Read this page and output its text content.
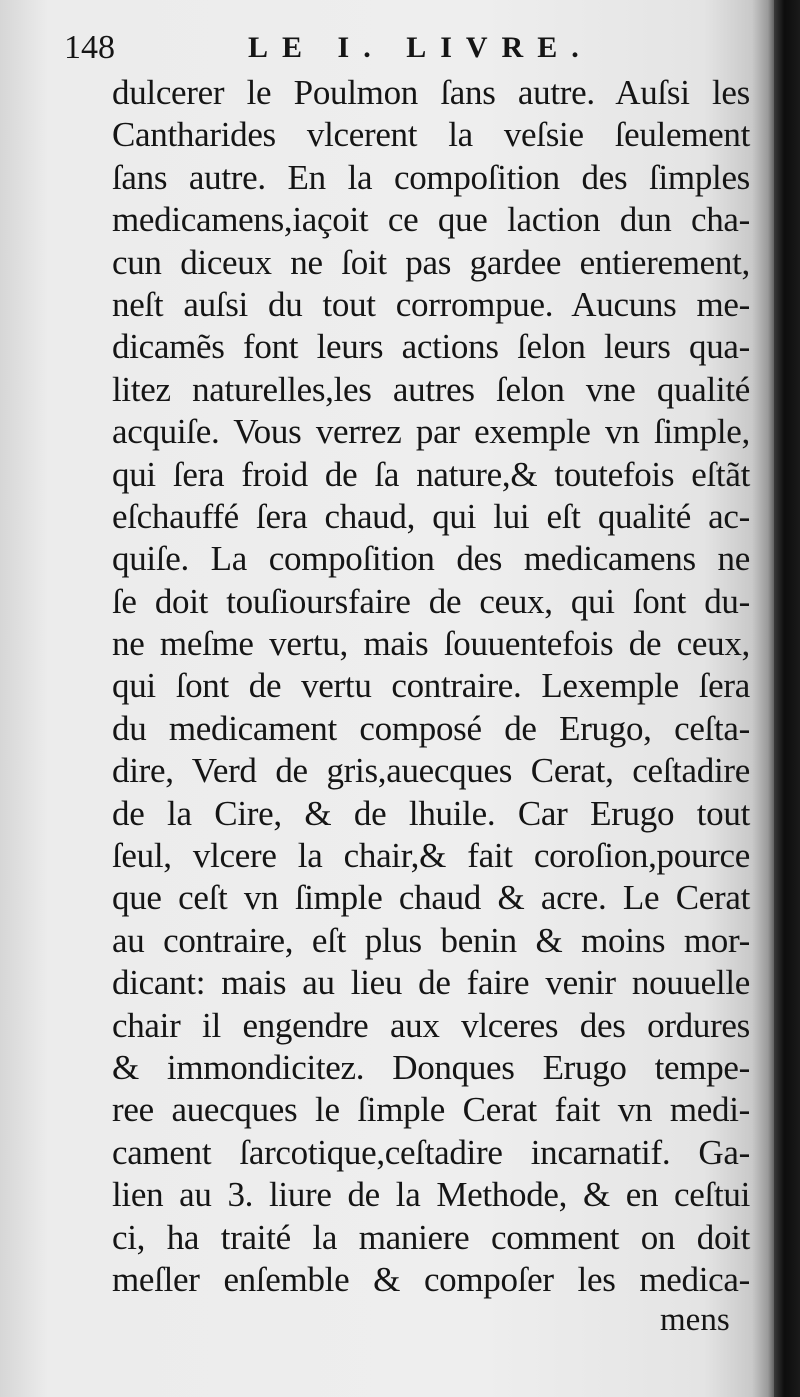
148	LE I. LIVRE.
dulcerer le Poulmon ſans autre. Auſsi les
Cantharides vlcerent la veſsie ſeulement
ſans autre. En la compoſition des ſimples
medicamens,iaçoit ce que laction dun cha-
cun diceux ne ſoit pas gardee entierement,
neſt auſsi du tout corrompue. Aucuns me-
dicamẽs font leurs actions ſelon leurs qua-
litez naturelles,les autres ſelon vne qualité
acquiſe. Vous verrez par exemple vn ſimple,
qui ſera froid de ſa nature,& toutefois eſtãt
eſchauffé ſera chaud, qui lui eſt qualité ac-
quiſe. La compoſition des medicamens ne
ſe doit touſioursfaire de ceux, qui ſont du-
ne meſme vertu, mais ſouuentefois de ceux,
qui ſont de vertu contraire. Lexemple ſera
du medicament composé de Erugo, ceſta-
dire, Verd de gris,auecques Cerat, ceſtadire
de la Cire, & de lhuile. Car Erugo tout
ſeul, vlcere la chair,& fait coroſion,pource
que ceſt vn ſimple chaud & acre. Le Cerat
au contraire, eſt plus benin & moins mor-
dicant: mais au lieu de faire venir nouuelle
chair il engendre aux vlceres des ordures
& immondicitez. Donques Erugo tempe-
ree auecques le ſimple Cerat fait vn medi-
cament ſarcotique,ceſtadire incarnatif. Ga-
lien au 3. liure de la Methode, & en ceſtui
ci, ha traité la maniere comment on doit
meſler enſemble & compoſer les medica-
mens
